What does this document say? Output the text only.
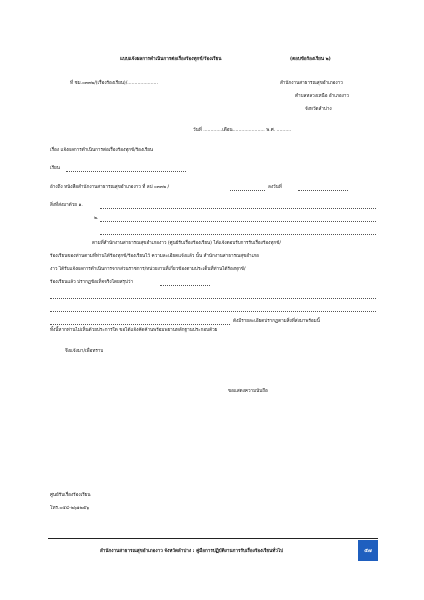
แบบแจ้งผลการดำเนินการต่อเรื่องร้องทุกข์/ร้องเรียน	(ตอบข้อร้องเรียน ๒)
ที่ ชม.๐๓๓๒/(เรื่องร้องเรียน)/.....................	สำนักงานสาธารณสุขอำเภองาว
ตำบลหลวงเหนือ อำเภองาว
จังหวัดลำปาง
วันที่ .............เดือน...................... พ.ศ. ..........
เรื่อง แจ้งผลการดำเนินการต่อเรื่องร้องทุกข์/ร้องเรียน
เรียน
อ้างถึง หนังสือสำนักงานสาธารณสุขอำเภองาว ที่ ลป ๐๓๓๒ /	ลงวันที่
สิ่งที่ส่งมาด้วย ๑.
๒.
ตามที่สำนักงานสาธารณสุขอำเภองาว (ศูนย์รับเรื่องร้องเรียน) ได้แจ้งตอบรับการรับเรื่องร้องทุกข์/
ร้องเรียนของท่านตามที่ท่านได้ร้องทุกข์/ร้องเรียนไว้ ความละเอียดแจ้งแล้ว นั้น สำนักงานสาธารณสุขอำเภอ
งาว ได้รับแจ้งผลการดำเนินการจากส่วนราชการ/หน่วยงานที่เกี่ยวข้องตามประเด็นที่ท่านได้ร้องทุกข์/
ร้องเรียนแล้ว ปรากฏข้อเท็จจริงโดยสรุปว่า
ดังมีรายละเอียดปรากฏตามสิ่งที่ส่งมาพร้อมนี้
ทั้งนี้หากท่านไม่เห็นด้วยประการใด ขอได้แจ้งคัดค้านพร้อมพยานหลักฐานประกอบด้วย
จึงแจ้งมา/เพื่อทราบ
ขอแสดงความนับถือ
ศูนย์รับเรื่องร้องเรียน
โทร.๐๕๔-๒๖๑๒๕๖
สำนักงานสาธารณสุขอำเภองาว จังหวัดลำปาง : คู่มือการปฏิบัติงานการรับเรื่องร้องเรียนทั่วไป	๕๗
